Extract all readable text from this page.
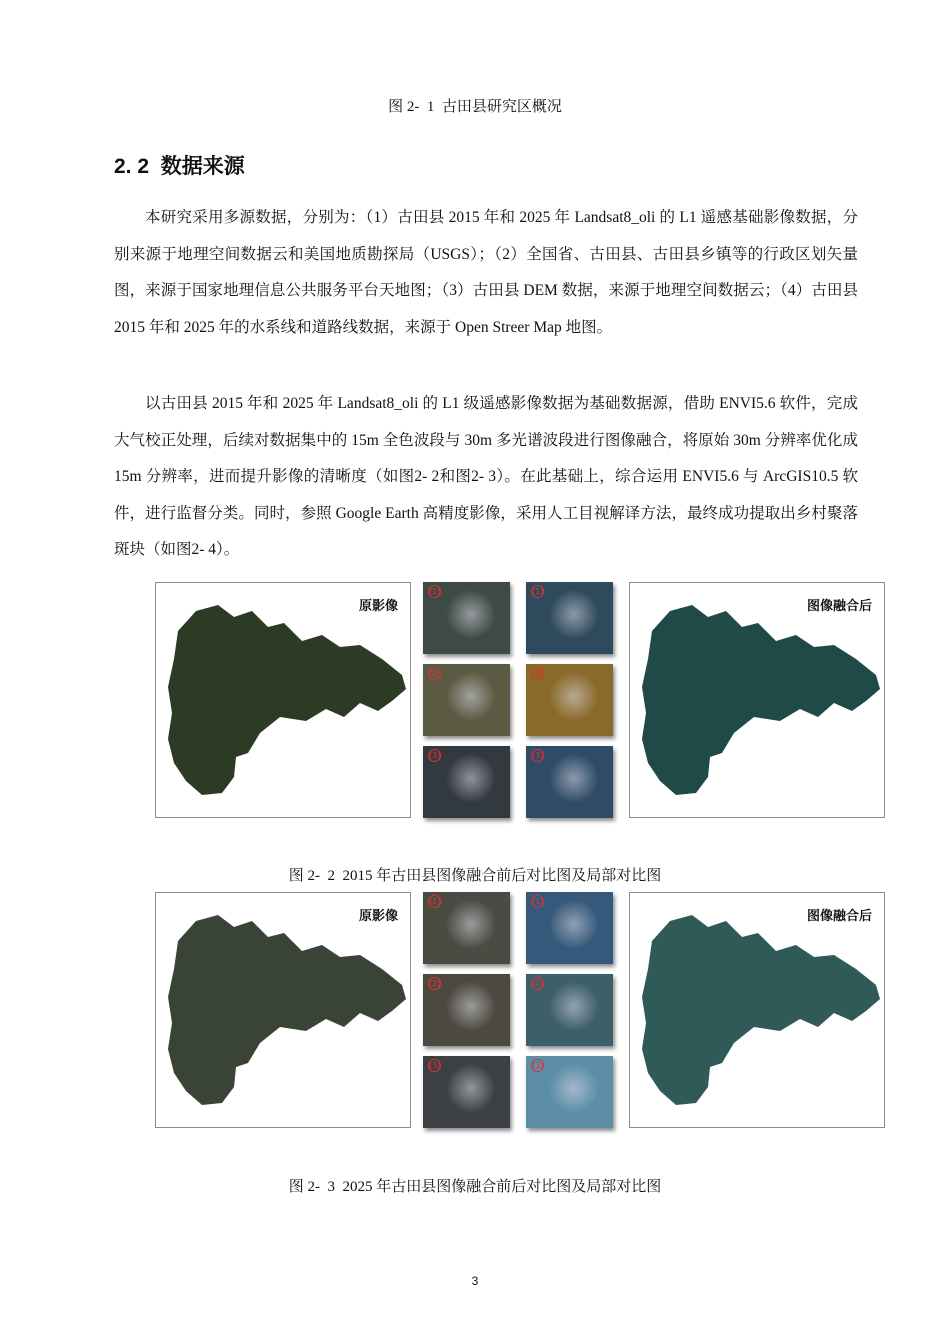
图 2-  1  古田县研究区概况
2. 2  数据来源

本研究采用多源数据，分别为：（1）古田县 2015 年和 2025 年 Landsat8_oli 的 L1 遥感基础影像数据，分别来源于地理空间数据云和美国地质勘探局（USGS）；（2）全国省、古田县、古田县乡镇等的行政区划矢量图，来源于国家地理信息公共服务平台天地图；（3）古田县 DEM 数据，来源于地理空间数据云；（4）古田县 2015 年和 2025 年的水系线和道路线数据，来源于 Open Streer Map 地图。

以古田县 2015 年和 2025 年 Landsat8_oli 的 L1 级遥感影像数据为基础数据源，借助 ENVI5.6 软件，完成大气校正处理，后续对数据集中的 15m 全色波段与 30m 多光谱波段进行图像融合，将原始 30m 分辨率优化成 15m 分辨率，进而提升影像的清晰度（如图2- 2和图2- 3）。在此基础上，综合运用 ENVI5.6 与 ArcGIS10.5 软件，进行监督分类。同时，参照 Google Earth 高精度影像，采用人工目视解译方法，最终成功提取出乡村聚落斑块（如图2- 4）。

原影像
(1)	(1)
(2)	(2)
(3)	(3)
图像融合后
图 2-  2  2015 年古田县图像融合前后对比图及局部对比图
原影像
(1)	(1)
(2)	(2)
(3)	(3)
图像融合后
图 2-  3  2025 年古田县图像融合前后对比图及局部对比图
3
